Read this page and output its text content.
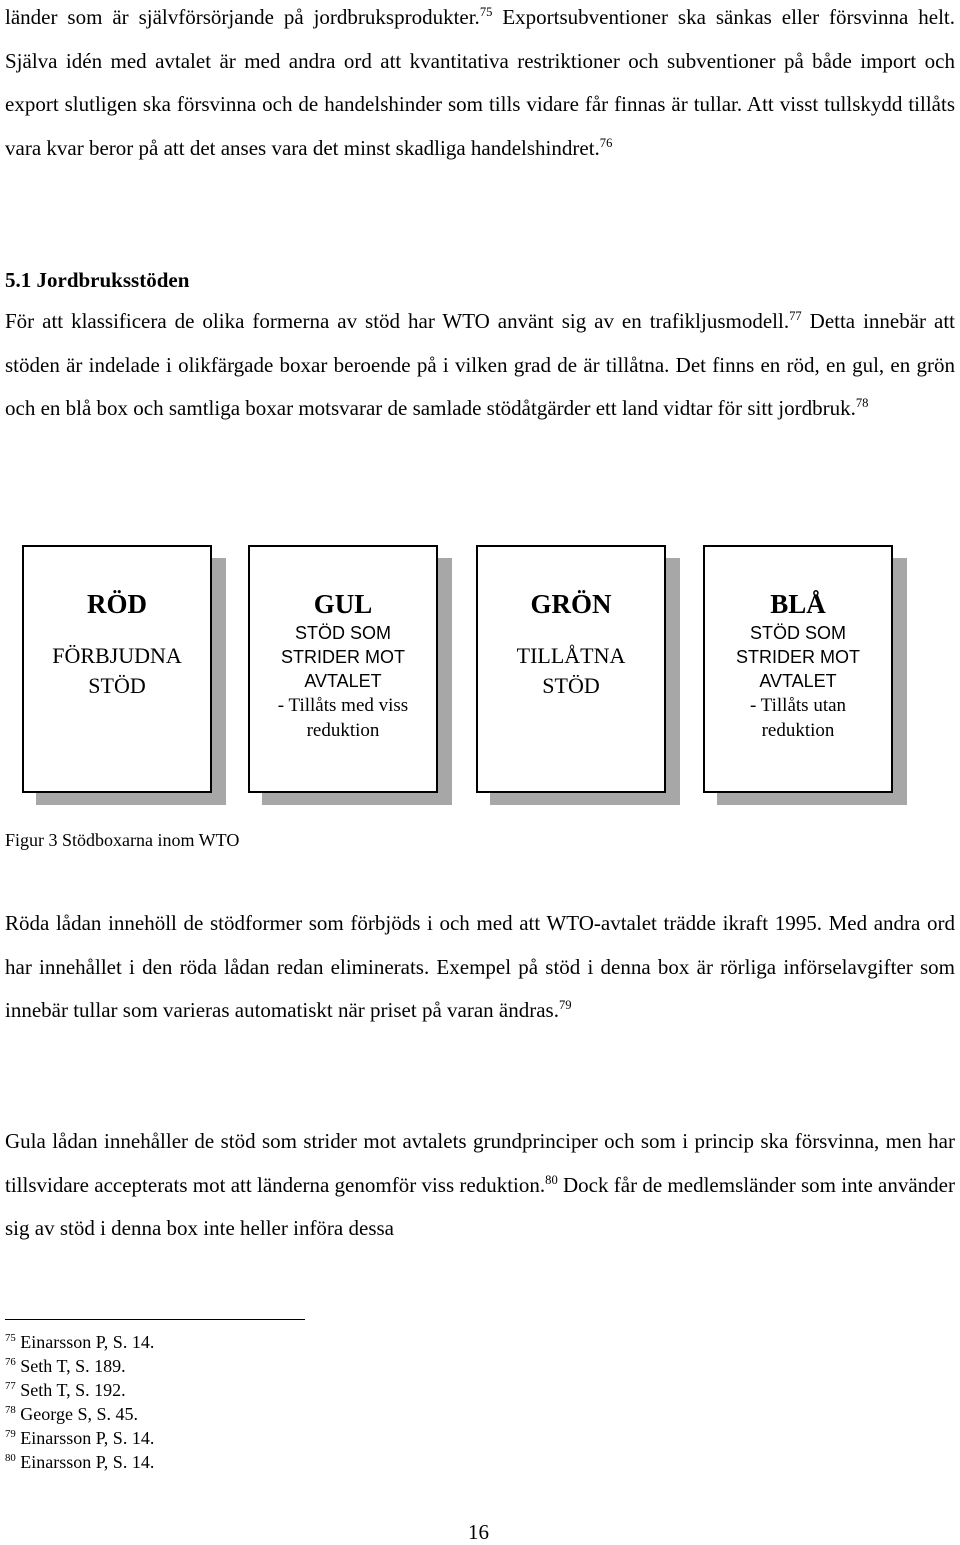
länder som är självförsörjande på jordbruksprodukter.$^{75}$ Exportsubventioner ska sänkas eller försvinna helt. Själva idén med avtalet är med andra ord att kvantitativa restriktioner och subventioner på både import och export slutligen ska försvinna och de handelshinder som tills vidare får finnas är tullar. Att visst tullskydd tillåts vara kvar beror på att det anses vara det minst skadliga handelshindret.$^{76}$
5.1 Jordbruksstöden
För att klassificera de olika formerna av stöd har WTO använt sig av en trafikljusmodell.$^{77}$ Detta innebär att stöden är indelade i olikfärgade boxar beroende på i vilken grad de är tillåtna. Det finns en röd, en gul, en grön och en blå box och samtliga boxar motsvarar de samlade stödåtgärder ett land vidtar för sitt jordbruk.$^{78}$
RÖD
FÖRBJUDNA
STÖD
GUL
STÖD SOM
STRIDER MOT
AVTALET
- Tillåts med viss
reduktion
GRÖN
TILLÅTNA
STÖD
BLÅ
STÖD SOM
STRIDER MOT
AVTALET
- Tillåts utan
reduktion
Figur 3 Stödboxarna inom WTO
Röda lådan innehöll de stödformer som förbjöds i och med att WTO-avtalet trädde ikraft 1995. Med andra ord har innehållet i den röda lådan redan eliminerats. Exempel på stöd i denna box är rörliga införselavgifter som innebär tullar som varieras automatiskt när priset på varan ändras.$^{79}$
Gula lådan innehåller de stöd som strider mot avtalets grundprinciper och som i princip ska försvinna, men har tillsvidare accepterats mot att länderna genomför viss reduktion.$^{80}$ Dock får de medlemsländer som inte använder sig av stöd i denna box inte heller införa dessa
$^{75}$ Einarsson P, S. 14.
$^{76}$ Seth T, S. 189.
$^{77}$ Seth T, S. 192.
$^{78}$ George S, S. 45.
$^{79}$ Einarsson P, S. 14.
$^{80}$ Einarsson P, S. 14.
16
